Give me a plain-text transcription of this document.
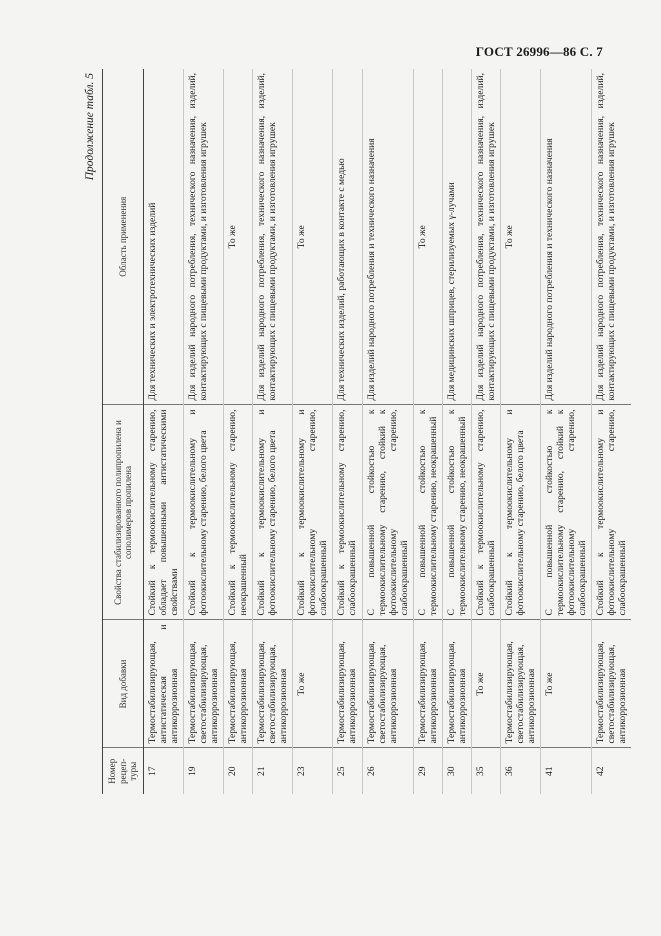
ГОСТ 26996—86 С. 7
Продолжение табл. 5
Номер рецеп-туры	Вид добавки	Свойства стабилизированного полипропилена и сополимеров пропилена	Область применения
17	Термостабилизирующая, антистатическая и антикоррозионная	Стойкий к термоокислительному старению, обладает повышенными антистатическими свойствами	Для технических и электротехнических изделий
19	Термостабилизирующая, светостабилизирующая, антикоррозионная	Стойкий к термоокислительному и фотоокислительному старению, белого цвета	Для изделий народного потребления, технического назначения, изделий, контактирующих с пищевыми продуктами, и изготовления игрушек
20	Термостабилизирующая, антикоррозионная	Стойкий к термоокислительному старению, неокрашенный	То же
21	Термостабилизирующая, светостабилизирующая, антикоррозионная	Стойкий к термоокислительному и фотоокислительному старению, белого цвета	Для изделий народного потребления, технического назначения, изделий, контактирующих с пищевыми продуктами, и изготовления игрушек
23	То же	Стойкий к термоокислительному и фотоокислительному старению, слабоокрашенный	То же
25	Термостабилизирующая, антикоррозионная	Стойкий к термоокислительному старению, слабоокрашенный	Для технических изделий, работающих в контакте с медью
26	Термостабилизирующая, светостабилизирующая, антикоррозионная	С повышенной стойкостью к термоокислительному старению, стойкий к фотоокислительному старению, слабоокрашенный	Для изделий народного потребления и технического назначения
29	Термостабилизирующая, антикоррозионная	С повышенной стойкостью к термоокислительному старению, неокрашенный	То же
30	Термостабилизирующая, антикоррозионная	С повышенной стойкостью к термоокислительному старению, неокрашенный	Для медицинских шприцев, стерилизуемых γ-лучами
35	То же	Стойкий к термоокислительному старению, слабоокрашенный	Для изделий народного потребления, технического назначения, изделий, контактирующих с пищевыми продуктами, и изготовления игрушек
36	Термостабилизирующая, светостабилизирующая, антикоррозионная	Стойкий к термоокислительному и фотоокислительному старению, белого цвета	То же
41	То же	С повышенной стойкостью к термоокислительному старению, стойкий к фотоокислительному старению, слабоокрашенный	Для изделий народного потребления и технического назначения
42	Термостабилизирующая, светостабилизирующая, антикоррозионная	Стойкий к термоокислительному и фотоокислительному старению, слабоокрашенный	Для изделий народного потребления, технического назначения, изделий, контактирующих с пищевыми продуктами, и изготовления игрушек
